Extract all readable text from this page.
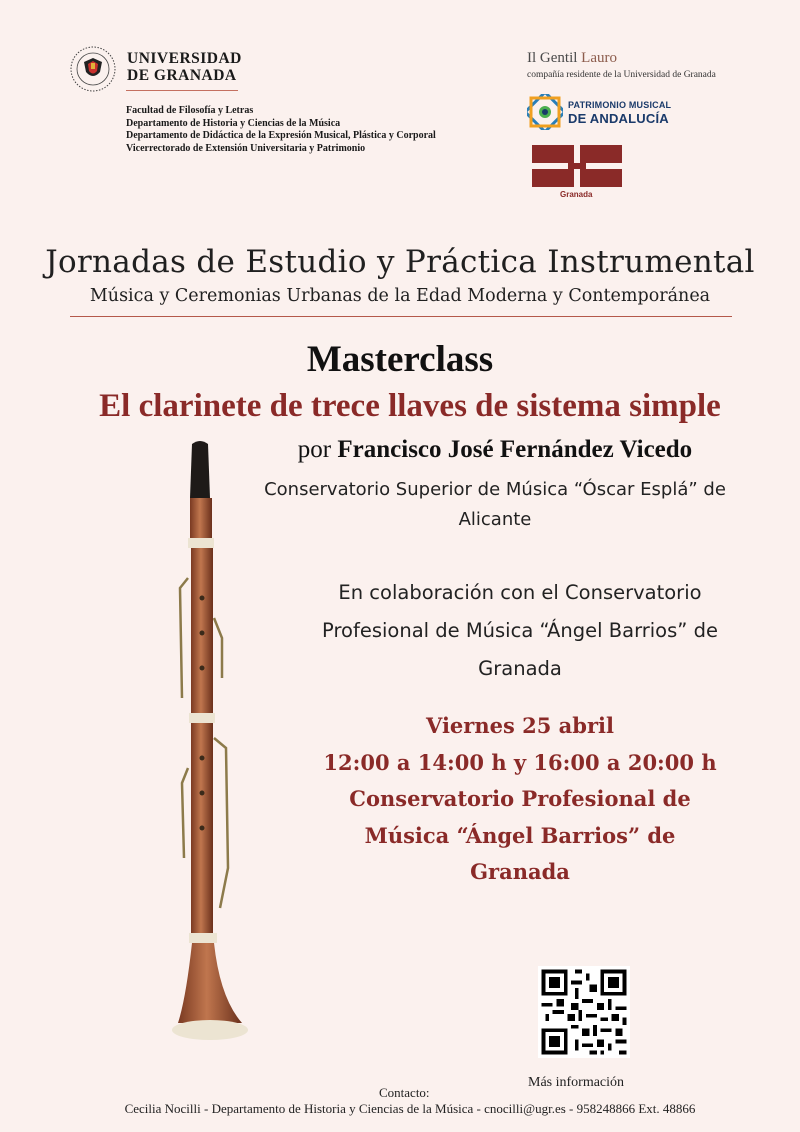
UNIVERSIDAD
DE GRANADA
Facultad de Filosofía y Letras
Departamento de Historia y Ciencias de la Música
Departamento de Didáctica de la Expresión Musical, Plástica y Corporal
Vicerrectorado de Extensión Universitaria y Patrimonio
Il Gentil Lauro
compañía residente de la Universidad de Granada
PATRIMONIO MUSICAL
DE ANDALUCÍA
Granada
Jornadas de Estudio y Práctica Instrumental
Música y Ceremonias Urbanas de la Edad Moderna y Contemporánea
Masterclass
El clarinete de trece llaves de sistema simple
por Francisco José Fernández Vicedo
Conservatorio Superior de Música “Óscar Esplá” de
Alicante
En colaboración con el Conservatorio
Profesional de Música “Ángel Barrios” de
Granada
Viernes 25 abril
12:00 a 14:00 h y 16:00 a 20:00 h
Conservatorio Profesional de
Música “Ángel Barrios” de
Granada
Más información
Contacto:
Cecilia Nocilli - Departamento de Historia y Ciencias de la Música - cnocilli@ugr.es - 958248866 Ext. 48866
